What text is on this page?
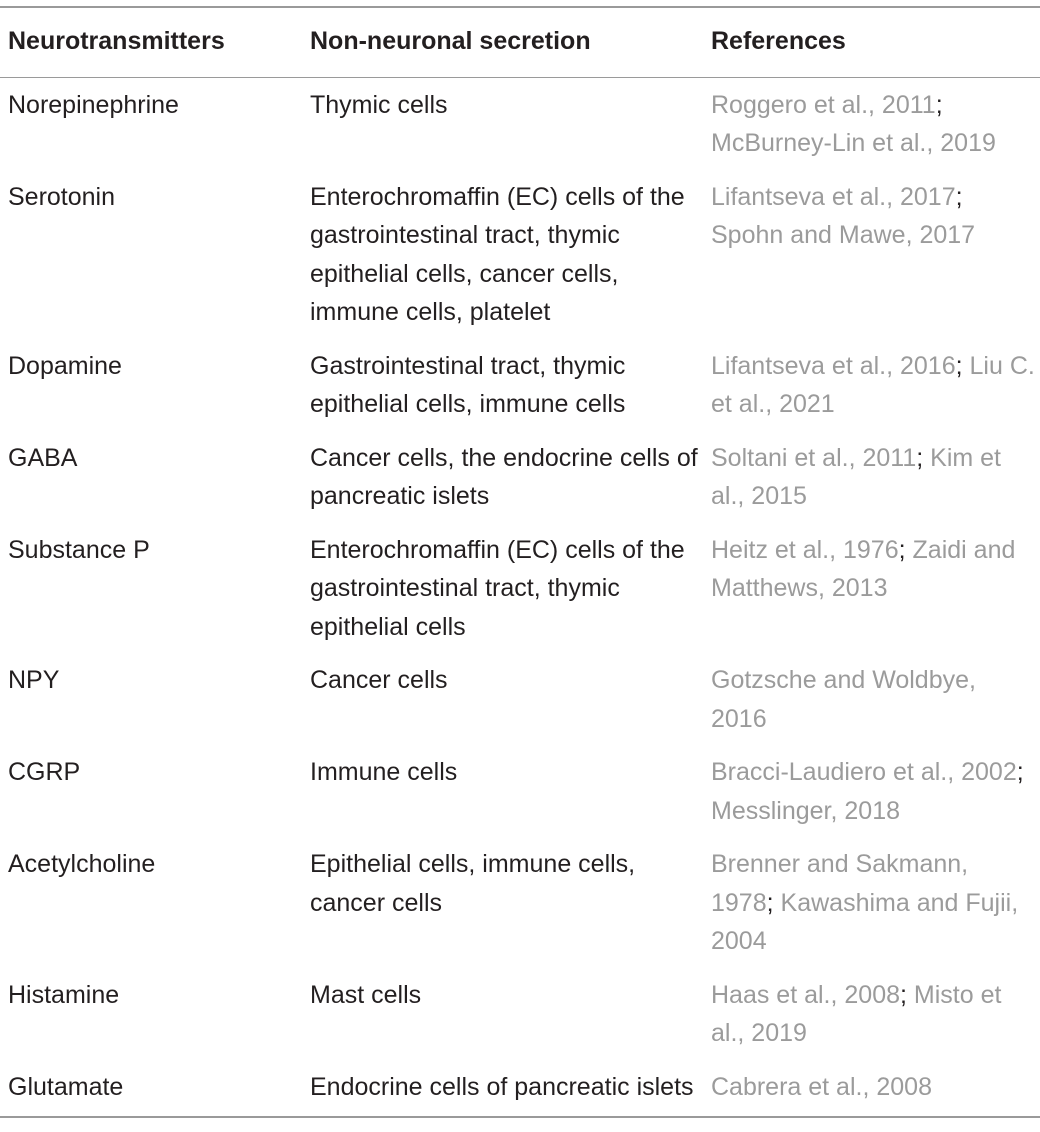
Neurotransmitters	Non-neuronal secretion	References
Norepinephrine	Thymic cells	Roggero et al., 2011; McBurney-Lin et al., 2019
Serotonin	Enterochromaffin (EC) cells of the gastrointestinal tract, thymic epithelial cells, cancer cells, immune cells, platelet	Lifantseva et al., 2017; Spohn and Mawe, 2017
Dopamine	Gastrointestinal tract, thymic epithelial cells, immune cells	Lifantseva et al., 2016; Liu C. et al., 2021
GABA	Cancer cells, the endocrine cells of pancreatic islets	Soltani et al., 2011; Kim et al., 2015
Substance P	Enterochromaffin (EC) cells of the gastrointestinal tract, thymic epithelial cells	Heitz et al., 1976; Zaidi and Matthews, 2013
NPY	Cancer cells	Gotzsche and Woldbye, 2016
CGRP	Immune cells	Bracci-Laudiero et al., 2002; Messlinger, 2018
Acetylcholine	Epithelial cells, immune cells, cancer cells	Brenner and Sakmann, 1978; Kawashima and Fujii, 2004
Histamine	Mast cells	Haas et al., 2008; Misto et al., 2019
Glutamate	Endocrine cells of pancreatic islets	Cabrera et al., 2008
